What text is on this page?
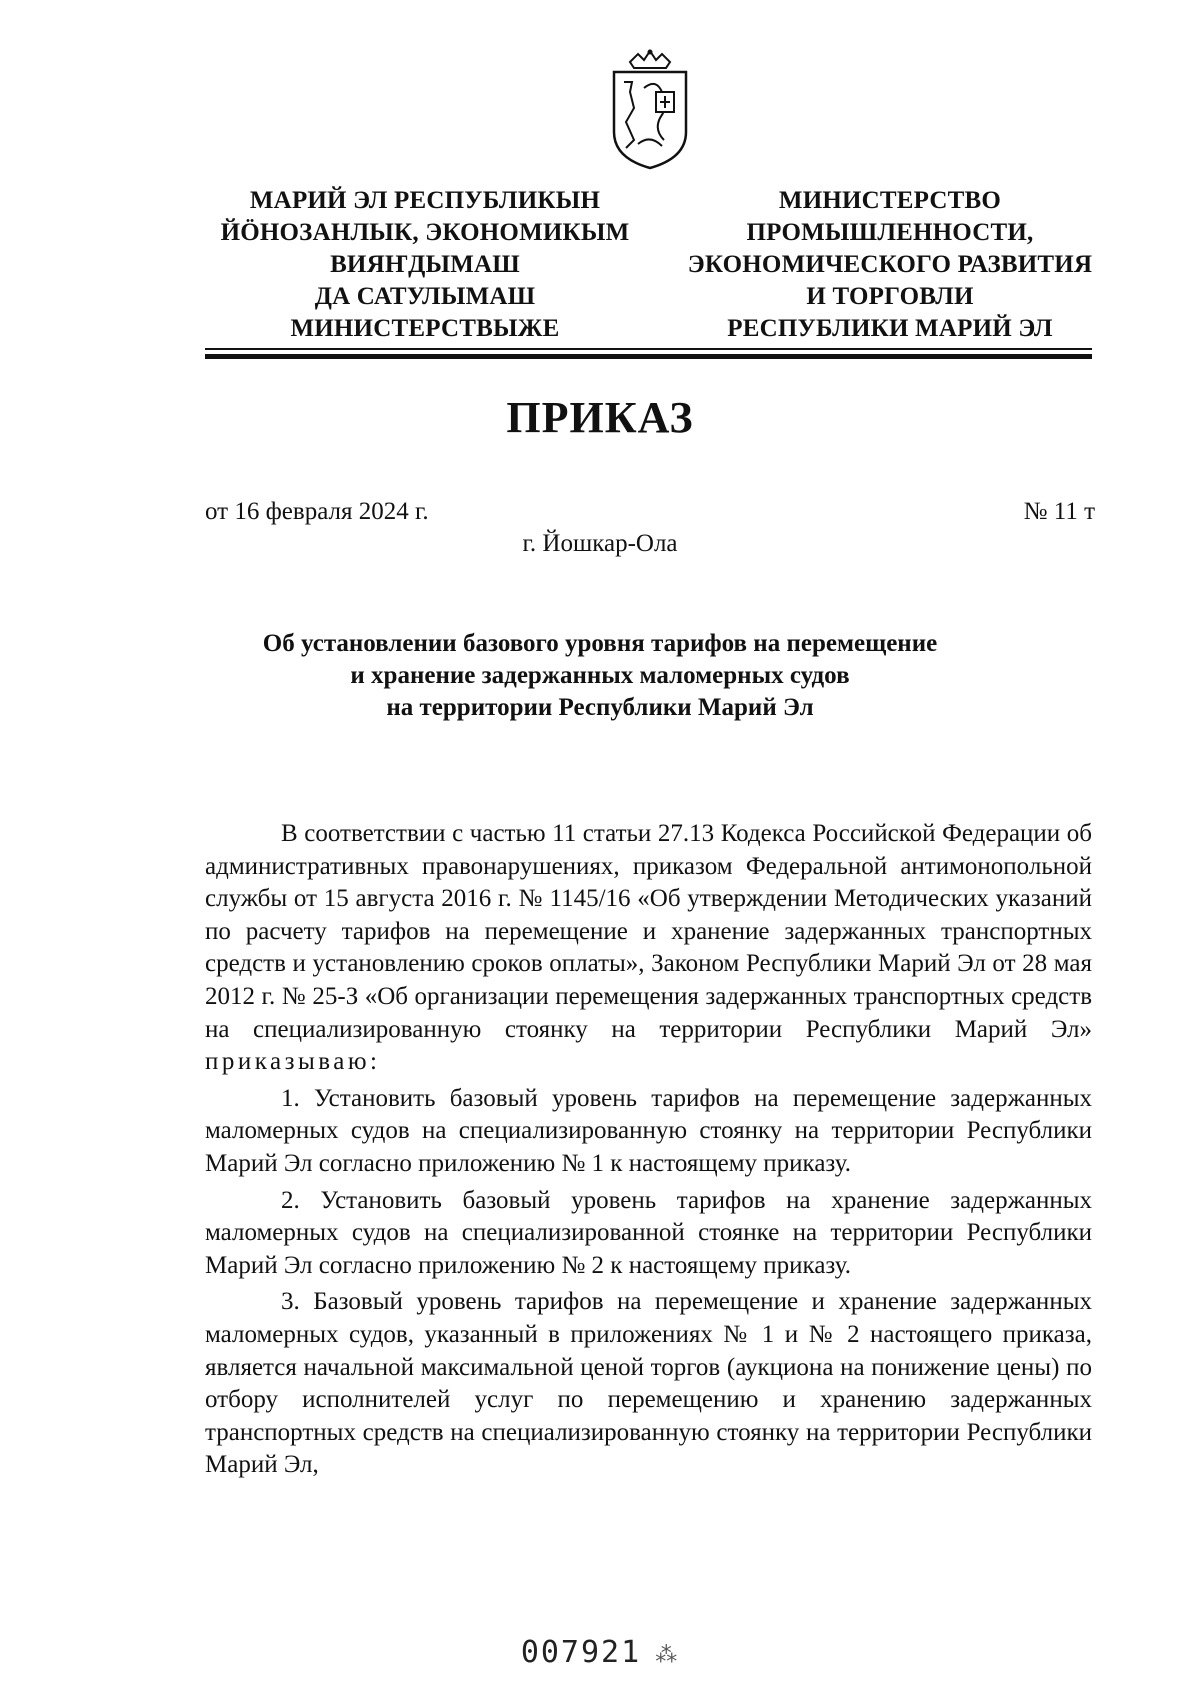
МАРИЙ ЭЛ РЕСПУБЛИКЫН
ЙӦНОЗАНЛЫК, ЭКОНОМИКЫМ
ВИЯҤДЫМАШ
ДА САТУЛЫМАШ
МИНИСТЕРСТВЫЖЕ
МИНИСТЕРСТВО
ПРОМЫШЛЕННОСТИ,
ЭКОНОМИЧЕСКОГО РАЗВИТИЯ
И ТОРГОВЛИ
РЕСПУБЛИКИ МАРИЙ ЭЛ
ПРИКАЗ
от 16 февраля 2024 г.	№ 11 т
г. Йошкар-Ола
Об установлении базового уровня тарифов на перемещение
и хранение задержанных маломерных судов
на территории Республики Марий Эл

В соответствии с частью 11 статьи 27.13 Кодекса Российской Федерации об административных правонарушениях, приказом Федеральной антимонопольной службы от 15 августа 2016 г. № 1145/16 «Об утверждении Методических указаний по расчету тарифов на перемещение и хранение задержанных транспортных средств и установлению сроков оплаты», Законом Республики Марий Эл от 28 мая 2012 г. № 25-З «Об организации перемещения задержанных транспортных средств на специализированную стоянку на территории Республики Марий Эл» приказываю:

1. Установить базовый уровень тарифов на перемещение задержанных маломерных судов на специализированную стоянку на территории Республики Марий Эл согласно приложению № 1 к настоящему приказу.

2. Установить базовый уровень тарифов на хранение задержанных маломерных судов на специализированной стоянке на территории Республики Марий Эл согласно приложению № 2 к настоящему приказу.

3. Базовый уровень тарифов на перемещение и хранение задержанных маломерных судов, указанный в приложениях № 1 и № 2 настоящего приказа, является начальной максимальной ценой торгов (аукциона на понижение цены) по отбору исполнителей услуг по перемещению и хранению задержанных транспортных средств на специализированную стоянку на территории Республики Марий Эл,

007921 ⁂
